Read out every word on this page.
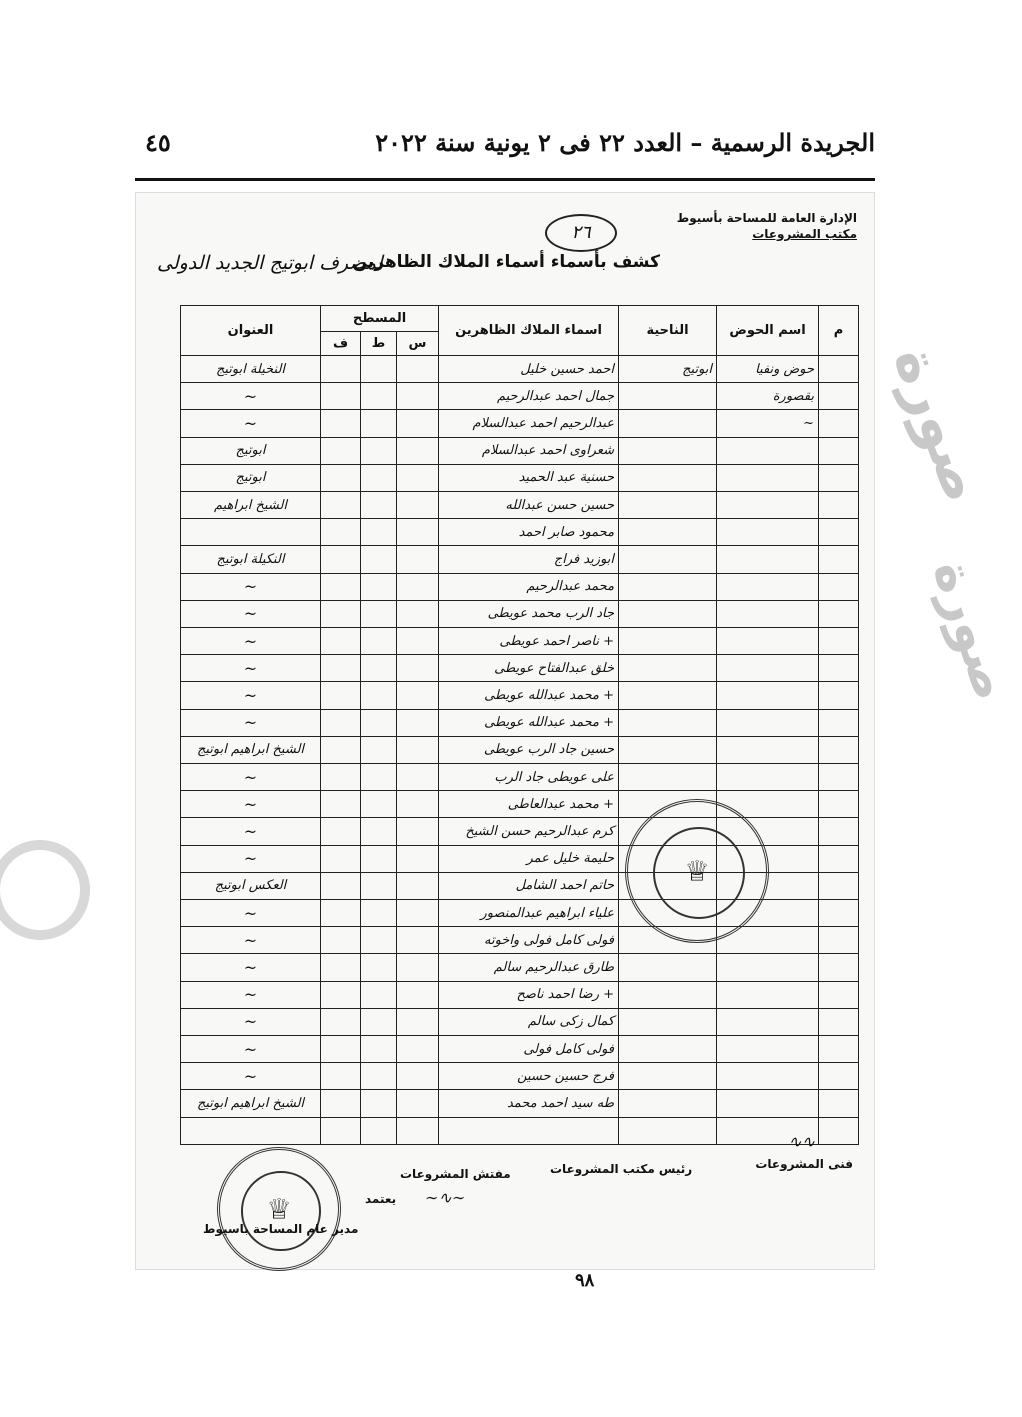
الجريدة الرسمية – العدد ٢٢ فى ٢ يونية سنة ٢٠٢٢
٤٥
صورة
الإدارة العامة للمساحة بأسيوط
مكتب المشروعات
٢٦
كشف بأسماء أسماء الملاك الظاهرين
لمصرف ابوتيج الجديد الدولى
م	اسم الحوض	الناحية	اسماء الملاك الظاهرين	المسطح			العنوان
				س	ط	ف	
	حوض ونفيا	ابوتيج	احمد حسين خليل				النخيلة ابوتيج
	بقصورة		جمال احمد عبدالرحيم				~
	~		عبدالرحيم احمد عبدالسلام				~
			شعراوى احمد عبدالسلام				ابوتيج
			حسنية عبد الحميد				ابوتيج
			حسين حسن عبدالله				الشيخ ابراهيم
			محمود صابر احمد				
			ابوزيد فراج				النكيلة ابوتيج
			محمد عبدالرحيم				~
			جاد الرب محمد عويطى				~
			+ ناصر احمد عويطى				~
			خلق عبدالفتاح عويطى				~
			+ محمد عبدالله عويطى				~
			+ محمد عبدالله عويطى				~
			حسين جاد الرب عويطى				الشيخ ابراهيم ابوتيج
			على عويطى جاد الرب				~
			+ محمد عبدالعاطى				~
			كرم عبدالرحيم حسن الشيخ				~
			حليمة خليل عمر				~
			حاتم احمد الشامل				العكس ابوتيج
			علياء ابراهيم عبدالمنصور				~
			فولى كامل فولى واخوته				~
			طارق عبدالرحيم سالم				~
			+ رضا احمد ناصح				~
			كمال زكى سالم				~
			فولى كامل فولى				~
			فرج حسين حسين				~
			طه سيد احمد محمد				الشيخ ابراهيم ابوتيج

♕
♕
فنى المشروعات
∿∿
رئيس مكتب المشروعات
مفتش المشروعات
يعتمد ∼∿∼
مدير عام المساحة باسيوط
٩٨
صورة
